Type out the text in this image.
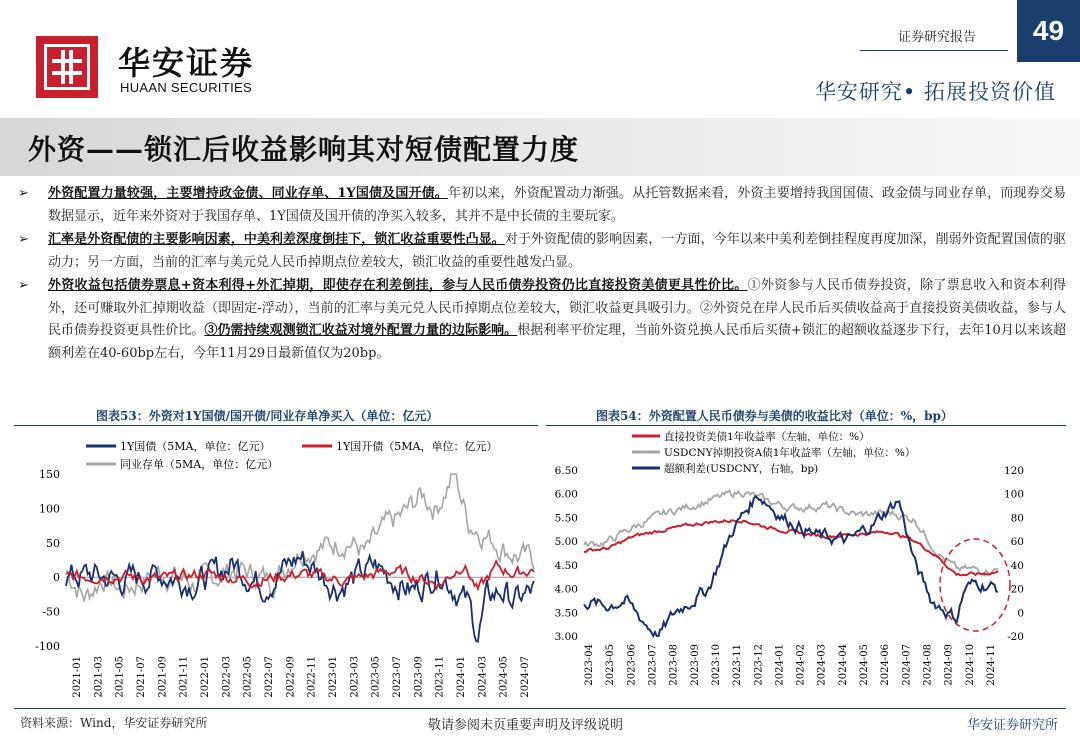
华安证券
HUAAN SECURITIES
证券研究报告	49
华安研究• 拓展投资价值
外资——锁汇后收益影响其对短债配置力度
➢ 外资配置力量较强，主要增持政金债、同业存单、1Y国债及国开债。年初以来，外资配置动力渐强。从托管数据来看，外资主要增持我国国债、政金债与同业存单，而现券交易数据显示，近年来外资对于我国存单、1Y国债及国开债的净买入较多，其并不是中长债的主要玩家。
➢ 汇率是外资配债的主要影响因素，中美利差深度倒挂下，锁汇收益重要性凸显。对于外资配债的影响因素，一方面，今年以来中美利差倒挂程度再度加深，削弱外资配置国债的驱动力；另一方面，当前的汇率与美元兑人民币掉期点位差较大，锁汇收益的重要性越发凸显。
➢ 外资收益包括债券票息+资本利得+外汇掉期，即使存在利差倒挂，参与人民币债券投资仍比直接投资美债更具性价比。①外资参与人民币债券投资，除了票息收入和资本利得外，还可赚取外汇掉期收益（即固定-浮动），当前的汇率与美元兑人民币掉期点位差较大，锁汇收益更具吸引力。②外资兑在岸人民币后买债收益高于直接投资美债收益，参与人民币债券投资更具性价比。③仍需持续观测锁汇收益对境外配置力量的边际影响。根据利率平价定理，当前外资兑换人民币后买债+锁汇的超额收益逐步下行，去年10月以来该超额利差在40-60bp左右，今年11月29日最新值仅为20bp。
图表53：外资对1Y国债/国开债/同业存单净买入（单位：亿元）
1Y国债（5MA，单位：亿元）	1Y国开债（5MA，单位：亿元）
同业存单（5MA，单位：亿元）
150
100
50
0
-50
-100
2021-01 2021-03 2021-05 2021-07 2021-09 2021-11 2022-01 2022-03 2022-05 2022-07 2022-09 2022-11 2023-01 2023-03 2023-05 2023-07 2023-09 2023-11 2024-01 2024-03 2024-05 2024-07
图表54：外资配置人民币债券与美债的收益比对（单位：%，bp）
直接投资美债1年收益率（左轴，单位：%）
USDCNY掉期投资A债1年收益率（左轴，单位：%）
超额利差(USDCNY，右轴，bp)
6.50
6.00
5.50
5.00
4.50
4.00
3.50
3.00
120
100
80
60
40
20
0
-20
2023-04 2023-05 2023-06 2023-07 2023-08 2023-09 2023-10 2023-11 2023-12 2024-01 2024-02 2024-03 2024-04 2024-05 2024-06 2024-07 2024-08 2024-09 2024-10 2024-11
资料来源：Wind，华安证券研究所	敬请参阅末页重要声明及评级说明	华安证券研究所
